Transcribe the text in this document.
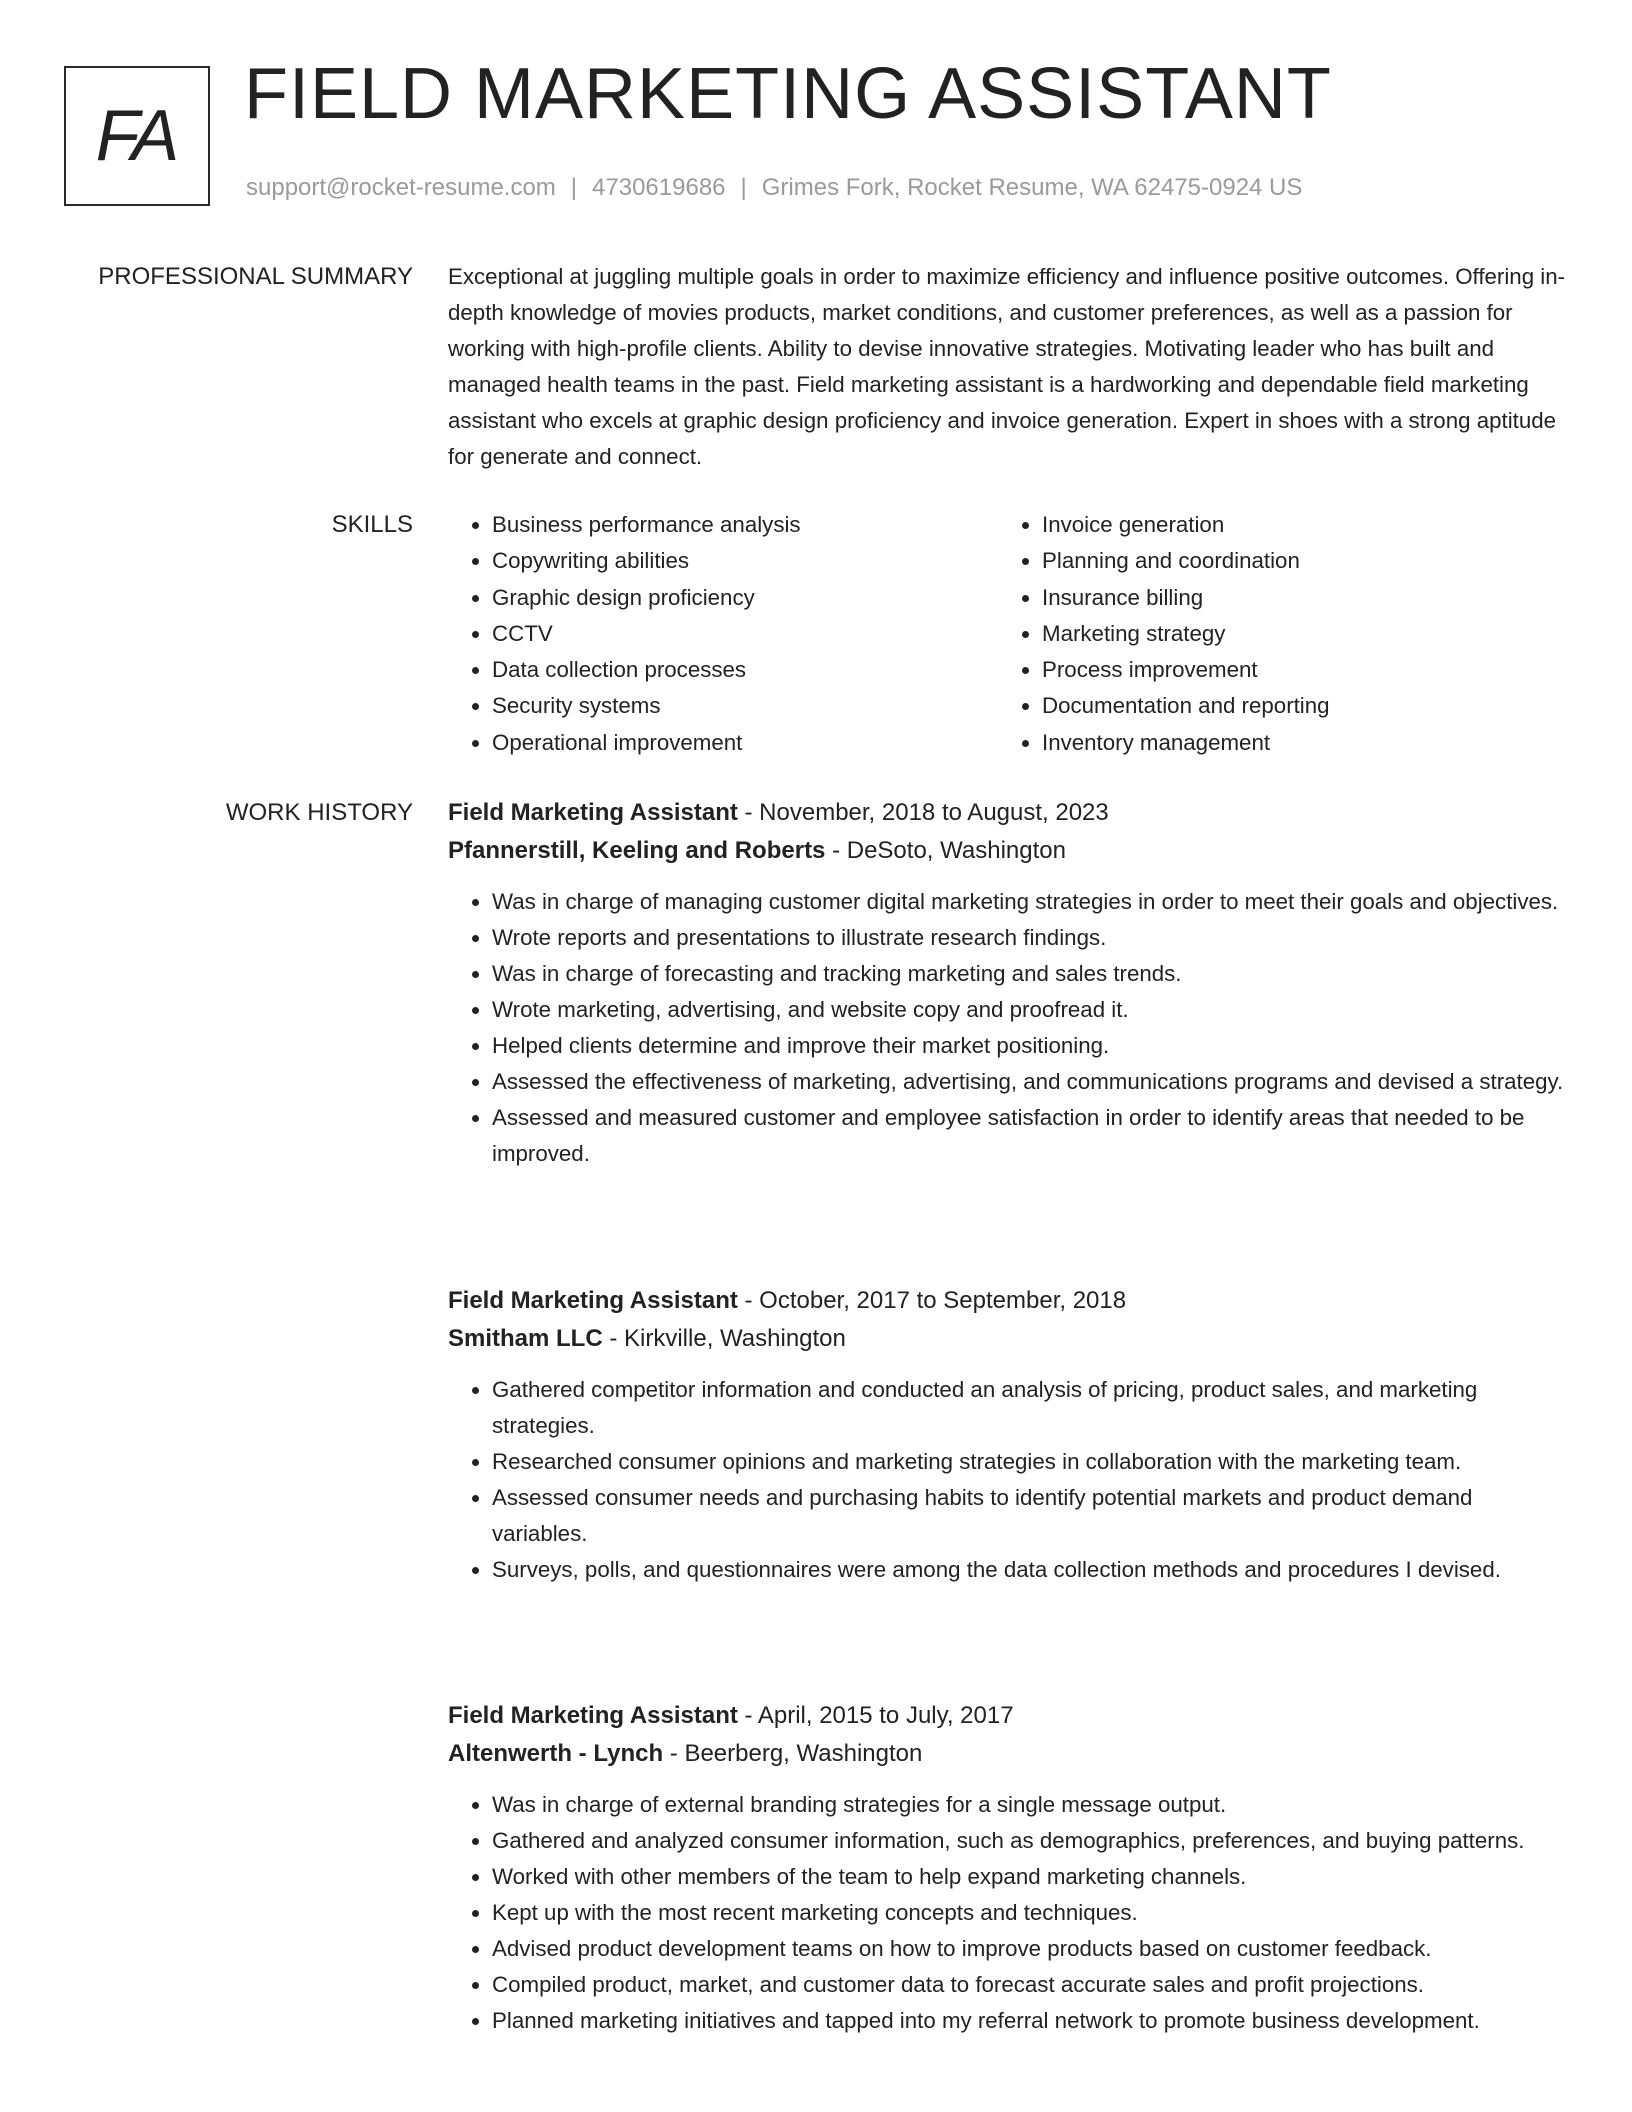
FA
FIELD MARKETING ASSISTANT
support@rocket-resume.com | 4730619686 | Grimes Fork, Rocket Resume, WA 62475-0924 US
PROFESSIONAL SUMMARY Exceptional at juggling multiple goals in order to maximize efficiency and influence positive outcomes. Offering in-depth knowledge of movies products, market conditions, and customer preferences, as well as a passion for working with high-profile clients. Ability to devise innovative strategies. Motivating leader who has built and managed health teams in the past. Field marketing assistant is a hardworking and dependable field marketing assistant who excels at graphic design proficiency and invoice generation. Expert in shoes with a strong aptitude for generate and connect.

SKILLS
•	Business performance analysis
• Copywriting abilities
• Graphic design proficiency
• CCTV
• Data collection processes
• Security systems
• Operational improvement
• Invoice generation
• Planning and coordination
• Insurance billing
• Marketing strategy
• Process improvement
• Documentation and reporting
• Inventory management
WORK HISTORY Field Marketing Assistant - November, 2018 to August, 2023
Pfannerstill, Keeling and Roberts - DeSoto, Washington
• Was in charge of managing customer digital marketing strategies in order to meet their goals and objectives.
• Wrote reports and presentations to illustrate research findings.
• Was in charge of forecasting and tracking marketing and sales trends.
• Wrote marketing, advertising, and website copy and proofread it.
• Helped clients determine and improve their market positioning.
• Assessed the effectiveness of marketing, advertising, and communications programs and devised a strategy.
• Assessed and measured customer and employee satisfaction in order to identify areas that needed to be improved.
Field Marketing Assistant - October, 2017 to September, 2018
Smitham LLC - Kirkville, Washington
• Gathered competitor information and conducted an analysis of pricing, product sales, and marketing strategies.
• Researched consumer opinions and marketing strategies in collaboration with the marketing team.
• Assessed consumer needs and purchasing habits to identify potential markets and product demand variables.
• Surveys, polls, and questionnaires were among the data collection methods and procedures I devised.
Field Marketing Assistant - April, 2015 to July, 2017
Altenwerth - Lynch - Beerberg, Washington
• Was in charge of external branding strategies for a single message output.
• Gathered and analyzed consumer information, such as demographics, preferences, and buying patterns.
• Worked with other members of the team to help expand marketing channels.
• Kept up with the most recent marketing concepts and techniques.
• Advised product development teams on how to improve products based on customer feedback.
• Compiled product, market, and customer data to forecast accurate sales and profit projections.
• Planned marketing initiatives and tapped into my referral network to promote business development.
